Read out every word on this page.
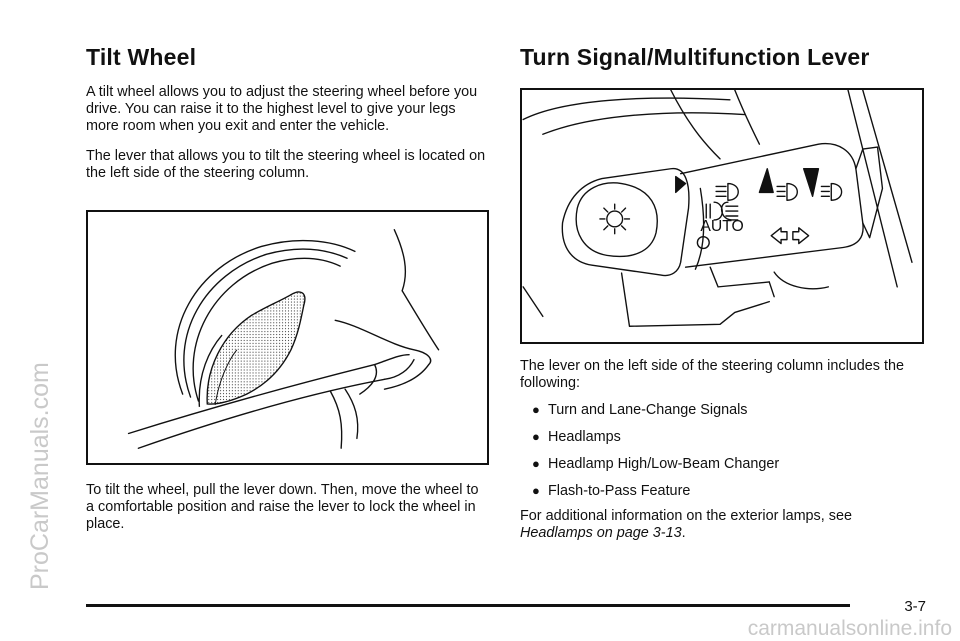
ProCarManuals.com
carmanualsonline.info
Tilt Wheel

A tilt wheel allows you to adjust the steering wheel before you drive. You can raise it to the highest level to give your legs more room when you exit and enter the vehicle.

The lever that allows you to tilt the steering wheel is located on the left side of the steering column.

To tilt the wheel, pull the lever down. Then, move the wheel to a comfortable position and raise the lever to lock the wheel in place.

Turn Signal/Multifunction Lever
AUTO

The lever on the left side of the steering column includes the following:

● Turn and Lane-Change Signals
● Headlamps
● Headlamp High/Low-Beam Changer
● Flash-to-Pass Feature

For additional information on the exterior lamps, see Headlamps on page 3-13.

3-7
